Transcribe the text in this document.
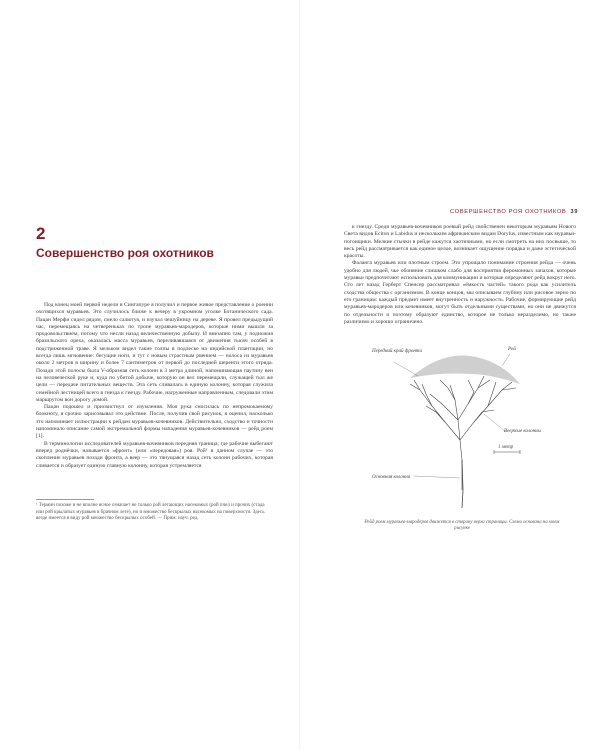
2
Совершенство роя охотников

Под конец моей первой недели в Сингапуре я получил и первое живое представление о роении охотящихся муравьев. Это случилось ближе к вечеру в укромном уголке Ботанического сада. Пацан Мерфи сидел рядом, смело салютуя, и изучал чешуйницу на дереве. Я провел предыдущий час, перемещаясь на четвереньках по тропе муравьев-мародеров, которые ними вышли за продовольствием, потому что несли назад величественную добычу. И внезапно там, у подножия бразильского ореха, оказалась масса муравьев, переливавшаяся от движения тысяч особей в подстриженной траве. Я мельком видел такие толпы в подлеске на индийской плантации, но всегда лишь мгновение: бегущие ноги, и тут с новым страстным рвением — полоса из муравьев около 2 метров в ширину и более 7 сантиметров от первой до последней шеренги этого отряда. Позади этой полосы была V-образная сеть колонн в 3 метра длиной, напоминающая паутину вен на человеческой руке и, куда по убитой добыче, которую он вел перемещали, служащей тыл же цели — передаче питательных веществ. Эта сеть сливалась в единую колонну, которая служила семейной лестницей всего в гнезда к гнезду. Рабочие, нагруженные направленным, следовали этим маршрутом вон дорогу домой.

Пацан подошел и присвистнул от изумления. Моя рука сносилась по непромокаемому блокноту, я срочно зарисовывал это действие. После, получив свой рисунок, я оценил, насколько это напоминает иллюстрации к рейдам муравьев-кочевников. Действительно, сходство и точности напоминало описание самой экстремальной формы нападения муравьев-кочевников — рейд роем [1].

В терминологии исследователей муравьев-кочевников передняя граница, где рабочие выбегают вперед роднёчки, называется «фронт» (или «передовая») роя. Рой¹ в данном случае — это скопление муравьев позади фронта, а веер — это тянущаяся назад сеть колонн рабочих, которая сливается и образует единую главную колонну, которая устремляется

¹ Термин похоже и не вполне ясное означает не только рой летающих насекомых (рой пчел и прочих (стада или рой крылатых муравьев в брачном лете), но и множество бескрылых насекомых на поверхности. Здесь везде имеется в виду рой множество бескрылых особей. — Прим. науч. ред.
СОВЕРШЕНСТВО РОЯ ОХОТНИКОВ 39

к гнезду. Среди муравьев-кочевников роевый рейд свойственен некоторым муравьям Нового Света видов Eciton и Labidus и нескольким африканским видам Dorylus, известным как муравьи-погонщики. Мелкие стычки в рейде кажутся хаотичными, но если смотреть на них посвыше, то весь рейд рассматривается как единое целое, возникает ощущение порядка и даже эстетической красоты.

Фаланга муравьев или плотным строем. Это упрощало понимание строения рейда — очень удобно для людей, чье обоняние слишком слабо для восприятия феромонных запахов, которые муравьи предпочитают использовать для коммуникации и которые определяют рейд вокруг него. Сто лет назад Герберт Спенсер рассматривал «ёмкость частей» такого рода как усилитель сходства общества с организмом. В конце концов, мы описываем глубину или рисовое зерно по его границам: каждый предмет имеет внутренность и наружность. Рабочие, формирующие рейд муравьев-мародеров или кочевников, могут быть отдельными существами, но они не движутся по отдельности и поэтому образуют единство, которое не только неразделимо, но также различимо и хорошо ограничено.

Передний край фронта	Рой
Веерные колонны
1 метр
Основная колонна
Рейд роем муравьев-мародеров движется в сторону верха страницы. Схема основана на моем рисунке
